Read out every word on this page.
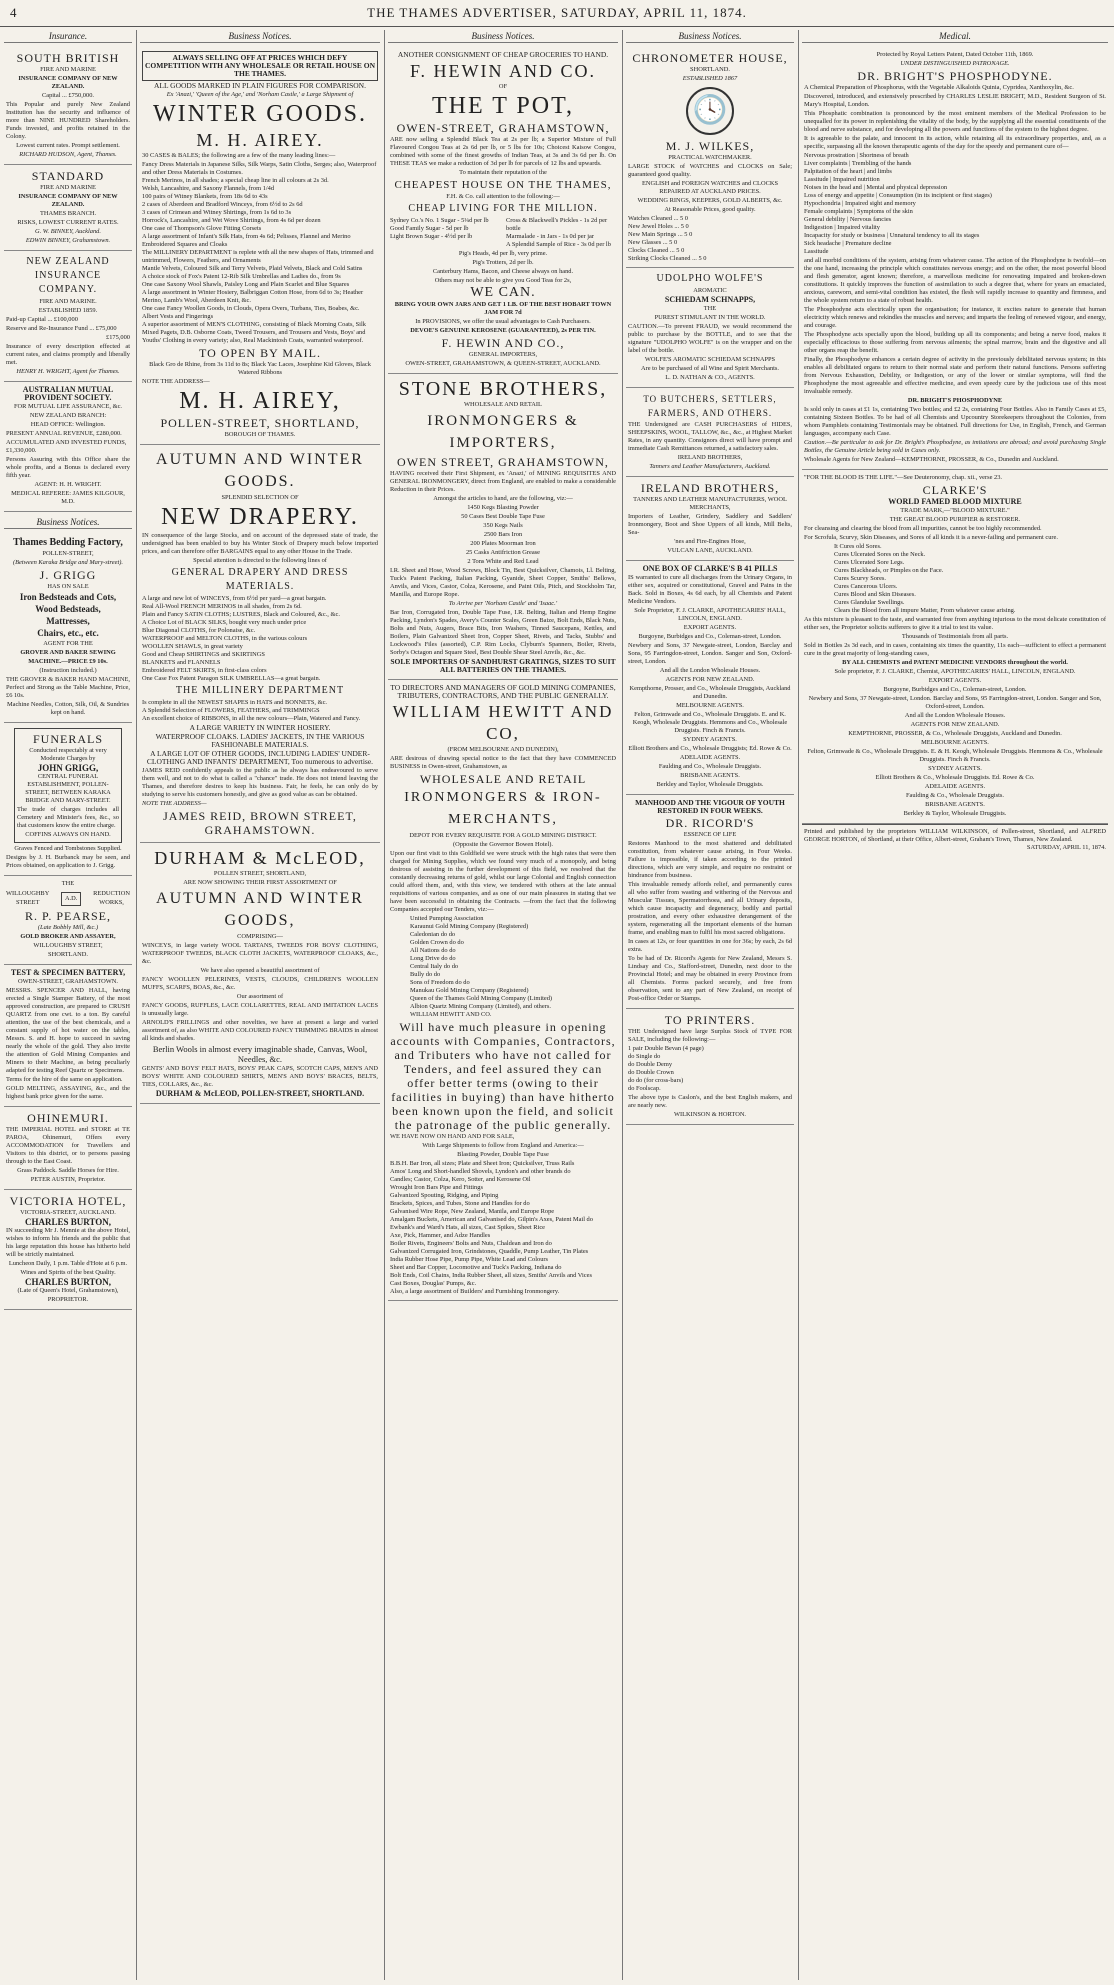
4	THE THAMES ADVERTISER, SATURDAY, APRIL 11, 1874.
Insurance.

SOUTH BRITISH

FIRE AND MARINE

INSURANCE COMPANY OF NEW ZEALAND.

Capital ... £750,000.

This Popular and purely New Zealand Institution has the security and influence of more than NINE HUNDRED Shareholders. Funds invested, and profits retained in the Colony.

Lowest current rates. Prompt settlement.

RICHARD HUDSON, Agent, Thames.

STANDARD

FIRE AND MARINE

INSURANCE COMPANY OF NEW ZEALAND.

THAMES BRANCH.

RISKS, LOWEST CURRENT RATES.

G. W. BINNEY, Auckland.

EDWIN BINNEY, Grahamstown.

NEW ZEALAND INSURANCE COMPANY.

FIRE AND MARINE.

ESTABLISHED 1859.

Paid-up Capital ... £100,000

Reserve and Re-Insurance Fund ... £75,000

£175,000

Insurance of every description effected at current rates, and claims promptly and liberally met.

HENRY H. WRIGHT, Agent for Thames.

AUSTRALIAN MUTUAL PROVIDENT SOCIETY.

FOR MUTUAL LIFE ASSURANCE, &c.

NEW ZEALAND BRANCH:

HEAD OFFICE: Wellington.

PRESENT ANNUAL REVENUE, £280,000.

ACCUMULATED AND INVESTED FUNDS, £1,330,000.

Persons Assuring with this Office share the whole profits, and a Bonus is declared every fifth year.

AGENT: H. H. WRIGHT.

MEDICAL REFEREE: JAMES KILGOUR, M.D.

Business Notices.

Thames Bedding Factory,

POLLEN-STREET,

(Between Karaka Bridge and Mary-street).

J. GRIGG

HAS ON SALE

Iron Bedsteads and Cots,

Wood Bedsteads,

Mattresses,

Chairs, etc., etc.

AGENT FOR THE

GROVER AND BAKER SEWING

MACHINE.—PRICE £9 10s.

(Instruction included.)

THE GROVER & BAKER HAND MACHINE, Perfect and Strong as the Table Machine, Price, £6 10s.

Machine Needles, Cotton, Silk, Oil, & Sundries kept on hand.

FUNERALS

Conducted respectably at very Moderate Charges by

JOHN GRIGG,

CENTRAL FUNERAL ESTABLISHMENT, POLLEN-STREET, BETWEEN KARAKA BRIDGE AND MARY-STREET.

The trade of charges includes all Cemetery and Minister's fees, &c., so that customers know the entire charge.

COFFINS ALWAYS ON HAND.

Graves Fenced and Tombstones Supplied.

Designs by J. H. Burbanck may be seen, and Prices obtained, on application to J. Grigg.

THE

WILLOUGHBY

STREET

A.D.

REDUCTION

WORKS,

R. P. PEARSE,

(Late Bobbly Mill, &c.)

GOLD BROKER AND ASSAYER,

WILLOUGHBY STREET,

SHORTLAND.

TEST & SPECIMEN BATTERY,

OWEN-STREET, GRAHAMSTOWN.

MESSRS. SPENCER AND HALL, having erected a Single Stamper Battery, of the most approved construction, are prepared to CRUSH QUARTZ from one cwt. to a ton. By careful attention, the use of the best chemicals, and a constant supply of hot water on the tables, Messrs. S. and H. hope to succeed in saving nearly the whole of the gold. They also invite the attention of Gold Mining Companies and Miners to their Machine, as being peculiarly adapted for testing Reef Quartz or Specimens.

Terms for the hire of the same on application.

GOLD MELTING, ASSAYING, &c., and the highest bank price given for the same.

OHINEMURI.

THE IMPERIAL HOTEL and STORE at TE PAROA, Ohinemuri, Offers every ACCOMMODATION for Travellers and Visitors to this district, or to persons passing through to the East Coast.

Grass Paddock. Saddle Horses for Hire.

PETER AUSTIN, Proprietor.

VICTORIA HOTEL,

VICTORIA-STREET, AUCKLAND.

CHARLES BURTON,

IN succeeding Mr J. Mennie at the above Hotel, wishes to inform his friends and the public that his large reputation this house has hitherto held will be strictly maintained.

Luncheon Daily, 1 p.m. Table d'Hote at 6 p.m.

Wines and Spirits of the best Quality.

CHARLES BURTON,

(Late of Queen's Hotel, Grahamstown),

PROPRIETOR.

Business Notices.

ALWAYS SELLING OFF AT PRICES WHICH DEFY COMPETITION WITH ANY WHOLESALE OR RETAIL HOUSE ON THE THAMES.

ALL GOODS MARKED IN PLAIN FIGURES FOR COMPARISON.

Ex 'Anazi,' 'Queen of the Age,' and 'Norham Castle,' a Large Shipment of

WINTER GOODS.

M. H. AIREY.

30 CASES & BALES; the following are a few of the many leading lines:—

Fancy Dress Materials in Japanese Silks, Silk Warps, Satin Cloths, Serges; also, Waterproof and other Dress Materials in Costumes.

French Merinos, in all shades; a special cheap line in all colours at 2s 3d.

Welsh, Lancashire, and Saxony Flannels, from 1/4d

100 pairs of Witney Blankets, from 18s 6d to 43s

2 cases of Aberdeen and Bradford Winceys, from 6½d to 2s 6d

3 cases of Crimean and Witney Shirtings, from 1s 6d to 3s

Horrock's, Lancashire, and Wet Wove Shirtings, from 4s 6d per dozen

One case of Thompson's Glove Fitting Corsets

A large assortment of Infant's Silk Hats, from 4s 6d; Pelisses, Flannel and Merino Embroidered Squares and Cloaks

The MILLINERY DEPARTMENT is replete with all the new shapes of Hats, trimmed and untrimmed, Flowers, Feathers, and Ornaments

Mantle Velvets, Coloured Silk and Terry Velvets, Plaid Velvets, Black and Cold Satins

A choice stock of Fox's Patent 12-Rib Silk Umbrellas and Ladies do., from 9s

One case Saxony Wool Shawls, Paisley Long and Plain Scarlet and Blue Squares

A large assortment in Winter Hosiery, Balbriggan Cotton Hose, from 6d to 3s; Heather Merino, Lamb's Wool, Aberdeen Knit, &c.

One case Fancy Woollen Goods, in Clouds, Opera Overs, Turbans, Ties, Boabes, &c.

Albert Vests and Fingerings

A superior assortment of MEN'S CLOTHING, consisting of Black Morning Coats, Silk Mixed Pagets, D.B. Osborne Coats, Tweed Trousers, and Trousers and Vests, Boys' and Youths' Clothing in every variety; also, Real Mackintosh Coats, warranted waterproof.

TO OPEN BY MAIL.

Black Gro de Rhine, from 3s 11d to 8s; Black Yac Laces, Josephine Kid Gloves, Black Watered Ribbons

NOTE THE ADDRESS—

M. H. AIREY,

POLLEN-STREET, SHORTLAND,

BOROUGH OF THAMES.

AUTUMN AND WINTER GOODS.

SPLENDID SELECTION OF

NEW DRAPERY.

IN consequence of the large Stocks, and on account of the depressed state of trade, the undersigned has been enabled to buy his Winter Stock of Drapery much below imported prices, and can therefore offer BARGAINS equal to any other House in the Trade.

Special attention is directed to the following lines of

GENERAL DRAPERY AND DRESS MATERIALS.

A large and new lot of WINCEYS, from 6½d per yard—a great bargain.

Real All-Wool FRENCH MERINOS in all shades, from 2s 6d.

Plain and Fancy SATIN CLOTHS; LUSTRES, Black and Coloured, &c., &c.

A Choice Lot of BLACK SILKS, bought very much under price

Blue Diagonal CLOTHS, for Polonaise, &c.

WATERPROOF and MELTON CLOTHS, in the various colours

WOOLLEN SHAWLS, in great variety

Good and Cheap SHIRTINGS and SKIRTINGS

BLANKETS and FLANNELS

Embroidered FELT SKIRTS, in first-class colors

One Case Fox Patent Paragon SILK UMBRELLAS—a great bargain.

THE MILLINERY DEPARTMENT

Is complete in all the NEWEST SHAPES in HATS and BONNETS, &c.

A Splendid Selection of FLOWERS, FEATHERS, and TRIMMINGS

An excellent choice of RIBBONS, in all the new colours—Plain, Watered and Fancy.

A LARGE VARIETY IN WINTER HOSIERY.

WATERPROOF CLOAKS. LADIES' JACKETS, IN THE VARIOUS FASHIONABLE MATERIALS.

A LARGE LOT OF OTHER GOODS, INCLUDING LADIES' UNDER-CLOTHING AND INFANTS' DEPARTMENT, Too numerous to advertise.

JAMES REID confidently appeals to the public as he always has endeavoured to serve them well, and not to do what is called a "chance" trade. He does not intend leaving the Thames, and therefore desires to keep his business. Fair, he feels, he can only do by studying to serve his customers honestly, and give as good value as can be obtained.

NOTE THE ADDRESS—

JAMES REID, BROWN STREET, GRAHAMSTOWN.

DURHAM & McLEOD,

POLLEN STREET, SHORTLAND,

ARE NOW SHOWING THEIR FIRST ASSORTMENT OF

AUTUMN AND WINTER GOODS,

COMPRISING—

WINCEYS, in large variety WOOL TARTANS, TWEEDS FOR BOYS' CLOTHING, WATERPROOF TWEEDS, BLACK CLOTH JACKETS, WATERPROOF CLOAKS, &c., &c.

We have also opened a beautiful assortment of

FANCY WOOLLEN PELERINES, VESTS, CLOUDS, CHILDREN'S WOOLLEN MUFFS, SCARFS, BOAS, &c., &c.

Our assortment of

FANCY GOODS, RUFFLES, LACE COLLARETTES, REAL AND IMITATION LACES is unusually large.

ARNOLD'S FRILLINGS and other novelties, we have at present a large and varied assortment of, as also WHITE AND COLOURED FANCY TRIMMING BRAIDS in almost all kinds and shades.

Berlin Wools in almost every imaginable shade, Canvas, Wool, Needles, &c.

GENTS' AND BOYS' FELT HATS, BOYS' PEAK CAPS, SCOTCH CAPS, MEN'S AND BOYS' WHITE AND COLOURED SHIRTS, MEN'S AND BOYS' BRACES, BELTS, TIES, COLLARS, &c., &c.

DURHAM & McLEOD, POLLEN-STREET, SHORTLAND.

Business Notices.

ANOTHER CONSIGNMENT OF CHEAP GROCERIES TO HAND.

F. HEWIN AND CO.

OF

THE T POT,

OWEN-STREET, GRAHAMSTOWN,

ARE now selling a Splendid Black Tea at 2s per lb; a Superior Mixture of Full Flavoured Congou Teas at 2s 6d per lb, or 5 lbs for 10s; Choicest Kaisow Congou, combined with some of the finest growths of Indian Teas, at 3s and 3s 6d per lb. On THESE TEAS we make a reduction of 3d per lb for parcels of 12 lbs and upwards.

To maintain their reputation of the

CHEAPEST HOUSE ON THE THAMES,

F.H. & Co. call attention to the following:—

CHEAP LIVING FOR THE MILLION.

Sydney Co.'s No. 1 Sugar - 5¼d per lb

Good Family Sugar - 5d per lb

Light Brown Sugar - 4½d per lb

Cross & Blackwell's Pickles - 1s 2d per bottle

Marmalade - in Jars - 1s 0d per jar

A Splendid Sample of Rice - 3s 0d per lb

Pig's Heads, 4d per lb, very prime.

Pig's Trotters, 2d per lb.

Canterbury Hams, Bacon, and Cheese always on hand.

Others may not be able to give you Good Teas for 2s,

WE CAN.

BRING YOUR OWN JARS AND GET 1 LB. OF THE BEST HOBART TOWN JAM FOR 7d

In PROVISIONS, we offer the usual advantages to Cash Purchasers.

DEVOE'S GENUINE KEROSENE (GUARANTEED), 2s PER TIN.

F. HEWIN AND CO.,

GENERAL IMPORTERS,

OWEN-STREET, GRAHAMSTOWN, & QUEEN-STREET, AUCKLAND.

STONE BROTHERS,

WHOLESALE AND RETAIL

IRONMONGERS & IMPORTERS,

OWEN STREET, GRAHAMSTOWN,

HAVING received their First Shipment, ex 'Anazi,' of MINING REQUISITES AND GENERAL IRONMONGERY, direct from England, are enabled to make a considerable Reduction in their Prices.

Amongst the articles to hand, are the following, viz:—

1450 Kegs Blasting Powder

50 Cases Best Double Tape Fuse

350 Kegs Nails

2500 Bars Iron

200 Plates Moorman Iron

25 Casks Antifriction Grease

2 Tons White and Red Lead

I.R. Sheet and Hose, Wood Screws, Block Tin, Best Quicksilver, Chamois, Ll. Belting, Tuck's Patent Packing, Italian Packing, Gyanide, Sheet Copper, Smiths' Bellows, Anvils, and Vices, Castor, Colza, Kerosene, and Paint Oils, Pitch, and Stockholm Tar, Manilla, and Europe Rope.

To Arrive per 'Norham Castle' and 'Isaac.'

Bar Iron, Corrugated Iron, Double Tape Fuse, I.R. Belting, Italian and Hemp Engine Packing, Lyndon's Spades, Avery's Counter Scales, Green Baize, Bolt Ends, Black Nuts, Bolts and Nuts, Augers, Brace Bits, Iron Washers, Tinned Saucepans, Kettles, and Boilers, Plain Galvanized Sheet Iron, Copper Sheet, Rivets, and Tacks, Stubbs' and Lockwood's Files (assorted), C.P. Rim Locks, Clyburn's Spanners, Boiler, Rivets, Sorby's Octagon and Square Steel, Best Double Shear Steel Anvils, &c., &c.

SOLE IMPORTERS OF SANDHURST GRATINGS, SIZES TO SUIT ALL BATTERIES ON THE THAMES.

TO DIRECTORS AND MANAGERS OF GOLD MINING COMPANIES, TRIBUTERS, CONTRACTORS, AND THE PUBLIC GENERALLY.

WILLIAM HEWITT AND CO,

(FROM MELBOURNE AND DUNEDIN),

ARE desirous of drawing special notice to the fact that they have COMMENCED BUSINESS in Owen-street, Grahamstown, as

WHOLESALE AND RETAIL

IRONMONGERS & IRON-MERCHANTS,

DEPOT FOR EVERY REQUISITE FOR A GOLD MINING DISTRICT.

(Opposite the Governor Bowen Hotel).

Upon our first visit to this Goldfield we were struck with the high rates that were then charged for Mining Supplies, which we found very much of a monopoly, and being desirous of assisting in the further development of this field, we resolved that the constantly decreasing returns of gold, whilst our large Colonial and English connection could afford them, and, with this view, we tendered with others at the late annual requisitions of various companies, and as one of our main pleasures in stating that we have been successful in obtaining the Contracts. —from the fact that the following Companies accepted our Tenders, viz:—

United Pumping Association

Karaunui Gold Mining Company (Registered)

Caledonian do do

Golden Crown do do

All Nations do do

Long Drive do do

Central Italy do do

Bully do do

Sons of Freedom do do

Manukau Gold Mining Company (Registered)

Queen of the Thames Gold Mining Company (Limited)

Albion Quartz Mining Company (Limited), and others.

WILLIAM HEWITT AND CO.

Will have much pleasure in opening accounts with Companies, Contractors, and Tributers who have not called for Tenders, and feel assured they can offer better terms (owing to their facilities in buying) than have hitherto been known upon the field, and solicit the patronage of the public generally.

WE HAVE NOW ON HAND AND FOR SALE,

With Large Shipments to follow from England and America:—

Blasting Powder, Double Tape Fuse

B.B.H. Bar Iron, all sizes; Plate and Sheet Iron; Quicksilver, Truss Rails

Amos' Long and Short-handled Shovels, Lyndon's and other brands do

Candles; Castor, Colza, Kero, Sotter, and Kerosene Oil

Wrought Iron Bars Pipe and Fittings

Galvanized Spouting, Ridging, and Piping

Brackets, Spices, and Tubes, Stone and Handles for do

Galvanised Wire Rope, New Zealand, Manila, and Europe Rope

Amalgam Buckets, American and Galvanised do, Gilpin's Axes, Patent Mail do

Ewbank's and Ward's Hats, all sizes, Cast Spikes, Sheet Rice

Axe, Pick, Hammer, and Adze Handles

Boiler Rivets, Engineers' Bolts and Nuts, Chaldean and Iron do

Galvanized Corrugated Iron, Grindstones, Quaddle, Pump Leather, Tin Plates

India Rubber Hose Pipe, Pump Pipe, White Lead and Colours

Sheet and Bar Copper, Locomotive and Tuck's Packing, Indiana do

Bolt Ends, Coil Chains, India Rubber Sheet, all sizes, Smiths' Anvils and Vices

Cast Boxes, Douglas' Pumps, &c.

Also, a large assortment of Builders' and Furnishing Ironmongery.

Business Notices.

CHRONOMETER HOUSE,

SHORTLAND.

ESTABLISHED 1867

🕓

M. J. WILKES,

PRACTICAL WATCHMAKER.

LARGE STOCK of WATCHES and CLOCKS on Sale; guaranteed good quality.

ENGLISH and FOREIGN WATCHES and CLOCKS REPAIRED AT AUCKLAND PRICES.

WEDDING RINGS, KEEPERS, GOLD ALBERTS, &c.

At Reasonable Prices, good quality.

Watches Cleaned ... 5 0

New Jewel Holes ... 5 0

New Main Springs ... 5 0

New Glasses ... 5 0

Clocks Cleaned ... 5 0

Striking Clocks Cleaned ... 5 0

UDOLPHO WOLFE'S

AROMATIC

SCHIEDAM SCHNAPPS,

THE

PUREST STIMULANT IN THE WORLD.

CAUTION.—To prevent FRAUD, we would recommend the public to purchase by the BOTTLE, and to see that the signature "UDOLPHO WOLFE" is on the wrapper and on the label of the bottle.

WOLFE'S AROMATIC SCHIEDAM SCHNAPPS

Are to be purchased of all Wine and Spirit Merchants.

L. D. NATHAN & CO., AGENTS.

TO BUTCHERS, SETTLERS, FARMERS, AND OTHERS.

THE Undersigned are CASH PURCHASERS of HIDES, SHEEPSKINS, WOOL, TALLOW, &c., &c., at Highest Market Rates, in any quantity. Consignors direct will have prompt and immediate Cash Remittances returned, a satisfactory sales.

IRELAND BROTHERS,

Tanners and Leather Manufacturers, Auckland.

IRELAND BROTHERS,

TANNERS AND LEATHER MANUFACTURERS, WOOL MERCHANTS,

Importers of Leather, Grindery, Saddlery and Saddlers' Ironmongery, Boot and Shoe Uppers of all kinds, Mill Belts, Sea-

'nes and Fire-Engines Hose,

VULCAN LANE, AUCKLAND.

ONE BOX OF CLARKE'S B 41 PILLS

IS warranted to cure all discharges from the Urinary Organs, in either sex, acquired or constitutional, Gravel and Pains in the Back. Sold in Boxes, 4s 6d each, by all Chemists and Patent Medicine Vendors.

Sole Proprietor, F. J. CLARKE, APOTHECARIES' HALL, LINCOLN, ENGLAND.

EXPORT AGENTS.

Burgoyne, Burbidges and Co., Coleman-street, London.

Newbery and Sons, 37 Newgate-street, London, Barclay and Sons, 95 Farringdon-street, London. Sanger and Son, Oxford-street, London.

And all the London Wholesale Houses.

AGENTS FOR NEW ZEALAND.

Kempthorne, Prosser, and Co., Wholesale Druggists, Auckland and Dunedin.

MELBOURNE AGENTS.

Felton, Grimwade and Co., Wholesale Druggists. E. and K. Keogh, Wholesale Druggists. Hemmons and Co., Wholesale Druggists. Finch & Francis.

SYDNEY AGENTS.

Elliott Brothers and Co., Wholesale Druggists; Ed. Rowe & Co.

ADELAIDE AGENTS.

Faulding and Co., Wholesale Druggists.

BRISBANE AGENTS.

Berkley and Taylor, Wholesale Druggists.

MANHOOD AND THE VIGOUR OF YOUTH RESTORED IN FOUR WEEKS.

DR. RICORD'S

ESSENCE OF LIFE

Restores Manhood to the most shattered and debilitated constitution, from whatever cause arising, in Four Weeks. Failure is impossible, if taken according to the printed directions, which are very simple, and require no restraint or hindrance from business.

This invaluable remedy affords relief, and permanently cures all who suffer from wasting and withering of the Nervous and Muscular Tissues, Spermatorrhoea, and all Urinary deposits, which cause incapacity and degeneracy, bodily and partial prostration, and every other exhaustive derangement of the system, regenerating all the important elements of the human frame, and enabling man to fulfil his most sacred obligations.

In cases at 12s, or four quantities in one for 36s; by each, 2s 6d extra.

To be had of Dr. Ricord's Agents for New Zealand, Messrs S. Lindsay and Co., Stafford-street, Dunedin, next door to the Provincial Hotel; and may be obtained in every Province from all Chemists. Forms packed securely, and free from observation, sent to any part of New Zealand, on receipt of Post-office Order or Stamps.

TO PRINTERS.

THE Undersigned have large Surplus Stock of TYPE FOR SALE, including the following:—

1 pair Double Bevan (4 page)

do Single do

do Double Demy

do Double Crown

do do (for cross-bars)

do Foolscap.

The above type is Caslon's, and the best English makers, and are nearly new.

WILKINSON & HORTON.

Medical.

Protected by Royal Letters Patent, Dated October 11th, 1869.

UNDER DISTINGUISHED PATRONAGE.

DR. BRIGHT'S PHOSPHODYNE.

A Chemical Preparation of Phosphorus, with the Vegetable Alkaloids Quinia, Cypridea, Xanthoxylin, &c.

Discovered, introduced, and extensively prescribed by CHARLES LESLIE BRIGHT, M.D., Resident Surgeon of St. Mary's Hospital, London.

This Phosphatic combination is pronounced by the most eminent members of the Medical Profession to be unequalled for its power in replenishing the vitality of the body, by the supplying all the essential constituents of the blood and nerve substance, and for developing all the powers and functions of the system to the highest degree.

It is agreeable to the palate, and innocent in its action, while retaining all its extraordinary properties, and, as a specific, surpassing all the known therapeutic agents of the day for the speedy and permanent cure of—

Nervous prostration | Shortness of breath

Liver complaints | Trembling of the hands

Palpitation of the heart | and limbs

Lassitude | Impaired nutrition

Noises in the head and | Mental and physical depression

Loss of energy and appetite | Consumption (in its incipient or first stages)

Hypochondria | Impaired sight and memory

Female complaints | Symptoms of the skin

General debility | Nervous fancies

Indigestion | Impaired vitality

Incapacity for study or business | Unnatural tendency to all its stages

Sick headache | Premature decline

Lassitude

and all morbid conditions of the system, arising from whatever cause. The action of the Phosphodyne is twofold—on the one hand, increasing the principle which constitutes nervous energy; and on the other, the most powerful blood and flesh generator, agent known; therefore, a marvellous medicine for renovating impaired and broken-down constitutions. It quickly improves the function of assimilation to such a degree that, where for years an emaciated, anxious, careworn, and semi-vital condition has existed, the flesh will rapidly increase to quantity and firmness, and the whole system return to a state of robust health.

The Phosphodyne acts electrically upon the organisation; for instance, it excites nature to generate that human electricity which renews and rekindles the muscles and nerves; and imparts the feeling of renewed vigour, and energy, and courage.

The Phosphodyne acts specially upon the blood, building up all its components; and being a nerve food, makes it especially efficacious to those suffering from nervous ailments; the spinal marrow, brain and the digestive and all other organs reap the benefit.

Finally, the Phosphodyne enhances a certain degree of activity in the previously debilitated nervous system; in this enables all debilitated organs to return to their normal state and perform their natural functions. Persons suffering from Nervous Exhaustion, Debility, or Indigestion, or any of the lower or similar symptoms, will find the Phosphodyne the most agreeable and effective medicine, and even speedy cure by the judicious use of this most invaluable remedy.

DR. BRIGHT'S PHOSPHODYNE

Is sold only in cases at £1 1s, containing Two bottles; and £2 2s, containing Four Bottles. Also in Family Cases at £5, containing Sixteen Bottles. To be had of all Chemists and Upcountry Storekeepers throughout the Colonies, from whom Pamphlets containing Testimonials may be obtained. Full directions for Use, in English, French, and German languages, accompany each Case.

Caution.—Be particular to ask for Dr. Bright's Phosphodyne, as imitations are abroad; and avoid purchasing Single Bottles, the Genuine Article being sold in Cases only.

Wholesale Agents for New Zealand—KEMPTHORNE, PROSSER, & Co., Dunedin and Auckland.

"FOR THE BLOOD IS THE LIFE."—See Deuteronomy, chap. xii., verse 23.

CLARKE'S

WORLD FAMED BLOOD MIXTURE

TRADE MARK,—"BLOOD MIXTURE."

THE GREAT BLOOD PURIFIER & RESTORER.

For cleansing and clearing the blood from all impurities, cannot be too highly recommended.

For Scrofula, Scurvy, Skin Diseases, and Sores of all kinds it is a never-failing and permanent cure.

It Cures old Sores.

Cures Ulcerated Sores on the Neck.

Cures Ulcerated Sore Legs.

Cures Blackheads, or Pimples on the Face.

Cures Scurvy Sores.

Cures Cancerous Ulcers.

Cures Blood and Skin Diseases.

Cures Glandular Swellings.

Clears the Blood from all impure Matter, From whatever cause arising.

As this mixture is pleasant to the taste, and warranted free from anything injurious to the most delicate constitution of either sex, the Proprietor solicits sufferers to give it a trial to test its value.

Thousands of Testimonials from all parts.

Sold in Bottles 2s 3d each, and in cases, containing six times the quantity, 11s each—sufficient to effect a permanent cure in the great majority of long-standing cases,

BY ALL CHEMISTS and PATENT MEDICINE VENDORS throughout the world.

Sole proprietor, F. J. CLARKE, Chemist, APOTHECARIES' HALL, LINCOLN, ENGLAND.

EXPORT AGENTS.

Burgoyne, Burbidges and Co., Coleman-street, London.

Newbery and Sons, 37 Newgate-street, London. Barclay and Sons, 95 Farringdon-street, London. Sanger and Son, Oxford-street, London.

And all the London Wholesale Houses.

AGENTS FOR NEW ZEALAND.

KEMPTHORNE, PROSSER, & Co., Wholesale Druggists, Auckland and Dunedin.

MELBOURNE AGENTS.

Felton, Grimwade & Co., Wholesale Druggists. E. & H. Keogh, Wholesale Druggists. Hemmons & Co., Wholesale Druggists. Finch & Francis.

SYDNEY AGENTS.

Elliott Brothers & Co., Wholesale Druggists. Ed. Rowe & Co.

ADELAIDE AGENTS.

Faulding & Co., Wholesale Druggists.

BRISBANE AGENTS.

Berkley & Taylor, Wholesale Druggists.

Printed and published by the proprietors WILLIAM WILKINSON, of Pollen-street, Shortland, and ALFRED GEORGE HORTON, of Shortland, at their Office, Albert-street, Graham's Town, Thames, New Zealand.

SATURDAY, APRIL 11, 1874.
